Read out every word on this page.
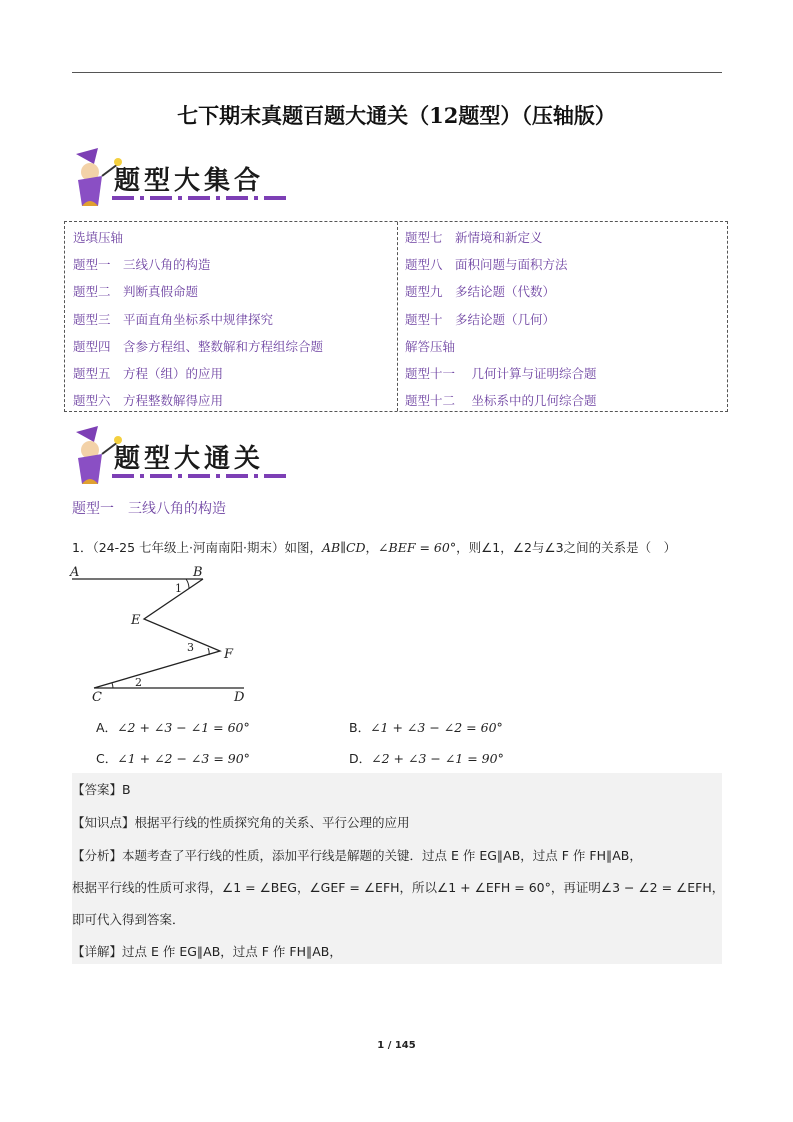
七下期末真题百题大通关（12题型）（压轴版）
题型大集合
选填压轴
题型一　三线八角的构造
题型二　判断真假命题
题型三　平面直角坐标系中规律探究
题型四　含参方程组、整数解和方程组综合题
题型五　方程（组）的应用
题型六　方程整数解得应用
题型七　新情境和新定义
题型八　面积问题与面积方法
题型九　多结论题（代数）
题型十　多结论题（几何）
解答压轴
题型十一　 几何计算与证明综合题
题型十二　 坐标系中的几何综合题
题型大通关
题型一　三线八角的构造
1．（24-25 七年级上·河南南阳·期末）如图，AB∥CD，∠BEF = 60°，则∠1，∠2与∠3之间的关系是（　）
A	B
E
F
C	D
1
3
2
A．∠2 + ∠3 − ∠1 = 60°	B．∠1 + ∠3 − ∠2 = 60°
C．∠1 + ∠2 − ∠3 = 90°	D．∠2 + ∠3 − ∠1 = 90°
【答案】B
【知识点】根据平行线的性质探究角的关系、平行公理的应用
【分析】本题考查了平行线的性质，添加平行线是解题的关键．过点 E 作 EG∥AB，过点 F 作 FH∥AB，
根据平行线的性质可求得，∠1 = ∠BEG，∠GEF = ∠EFH，所以∠1 + ∠EFH = 60°，再证明∠3 − ∠2 = ∠EFH，
即可代入得到答案．
【详解】过点 E 作 EG∥AB，过点 F 作 FH∥AB，
1 / 145
